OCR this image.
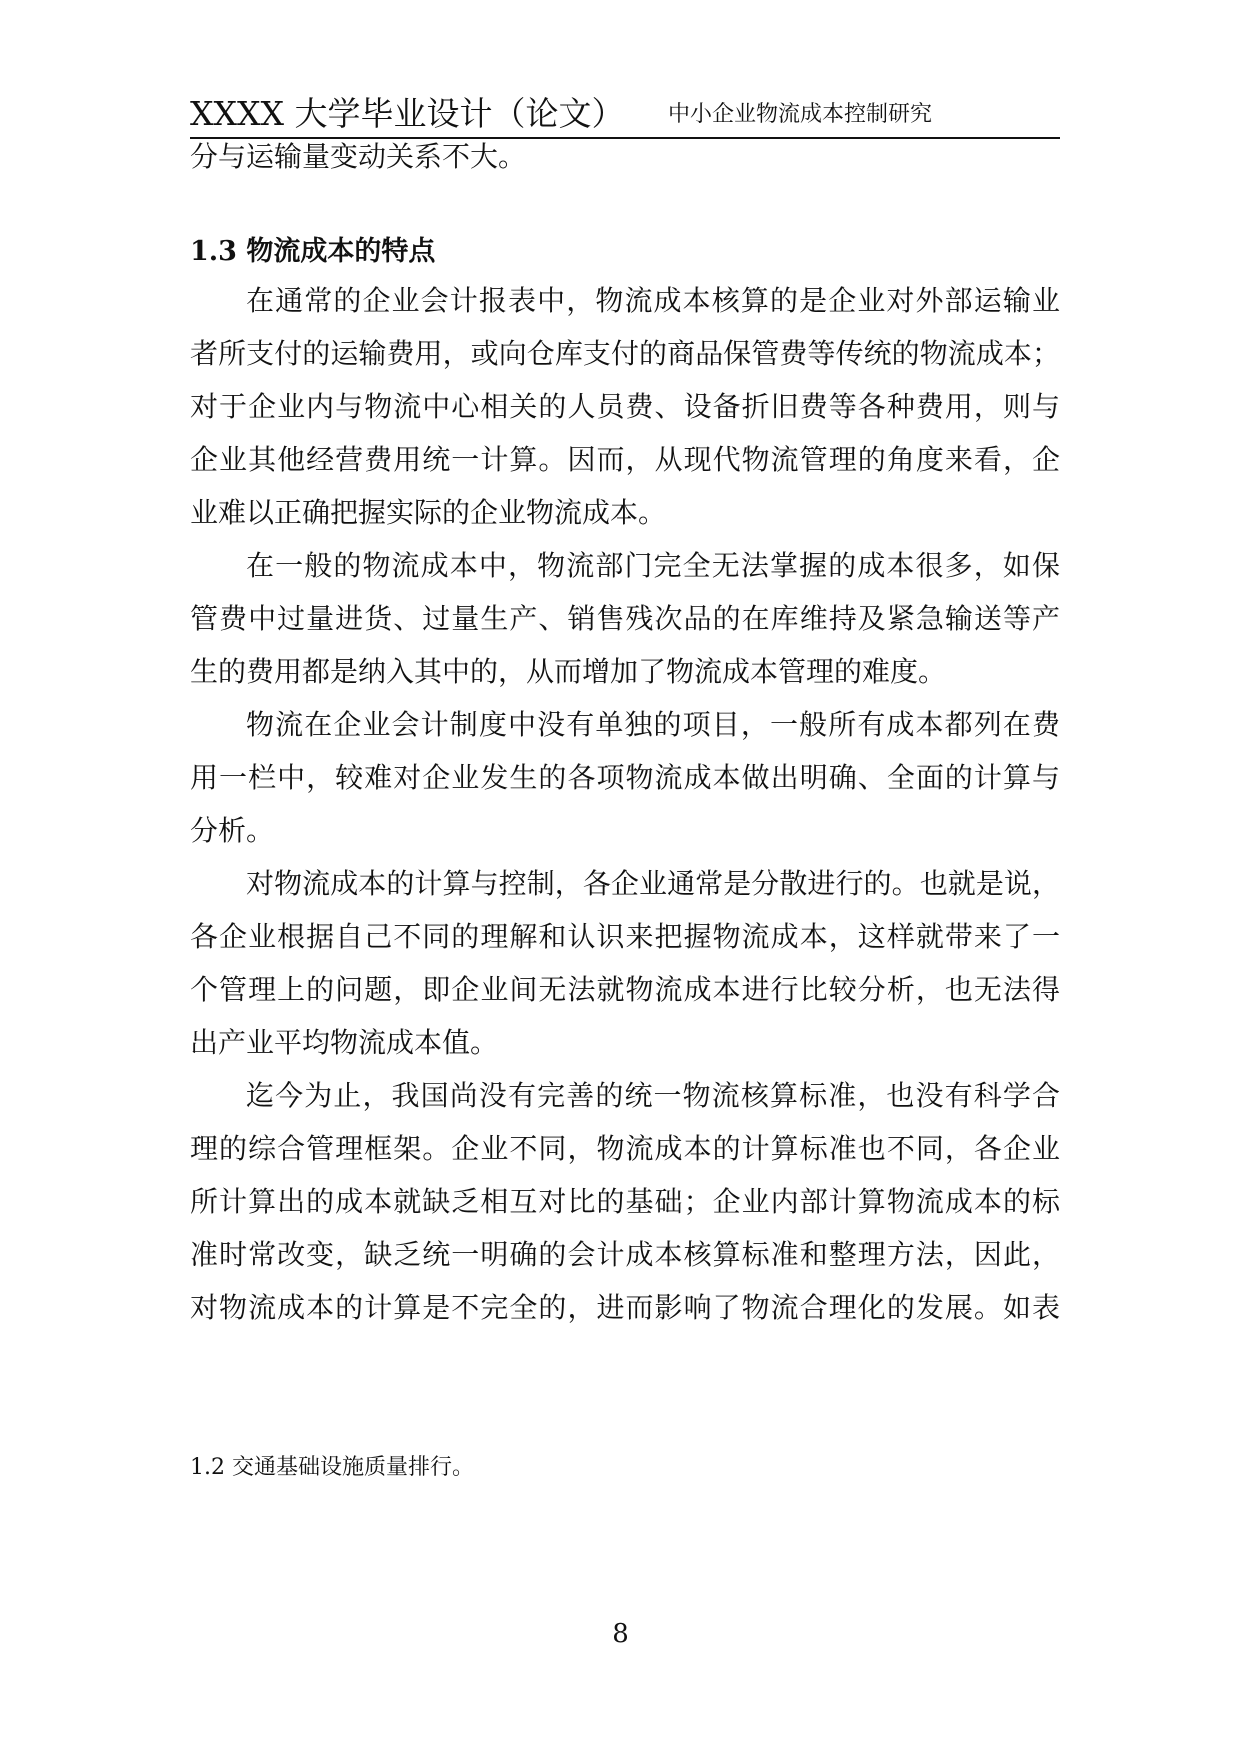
XXXX 大学毕业设计（论文） 中小企业物流成本控制研究
分与运输量变动关系不大。
1.3 物流成本的特点
在通常的企业会计报表中，物流成本核算的是企业对外部运输业
者所支付的运输费用，或向仓库支付的商品保管费等传统的物流成本；
对于企业内与物流中心相关的人员费、设备折旧费等各种费用，则与
企业其他经营费用统一计算。因而，从现代物流管理的角度来看，企
业难以正确把握实际的企业物流成本。
在一般的物流成本中，物流部门完全无法掌握的成本很多，如保
管费中过量进货、过量生产、销售残次品的在库维持及紧急输送等产
生的费用都是纳入其中的，从而增加了物流成本管理的难度。
物流在企业会计制度中没有单独的项目，一般所有成本都列在费
用一栏中，较难对企业发生的各项物流成本做出明确、全面的计算与
分析。
对物流成本的计算与控制，各企业通常是分散进行的。也就是说，
各企业根据自己不同的理解和认识来把握物流成本，这样就带来了一
个管理上的问题，即企业间无法就物流成本进行比较分析，也无法得
出产业平均物流成本值。
迄今为止，我国尚没有完善的统一物流核算标准，也没有科学合
理的综合管理框架。企业不同，物流成本的计算标准也不同，各企业
所计算出的成本就缺乏相互对比的基础；企业内部计算物流成本的标
准时常改变，缺乏统一明确的会计成本核算标准和整理方法，因此，
对物流成本的计算是不完全的，进而影响了物流合理化的发展。如表
1.2 交通基础设施质量排行。
8
